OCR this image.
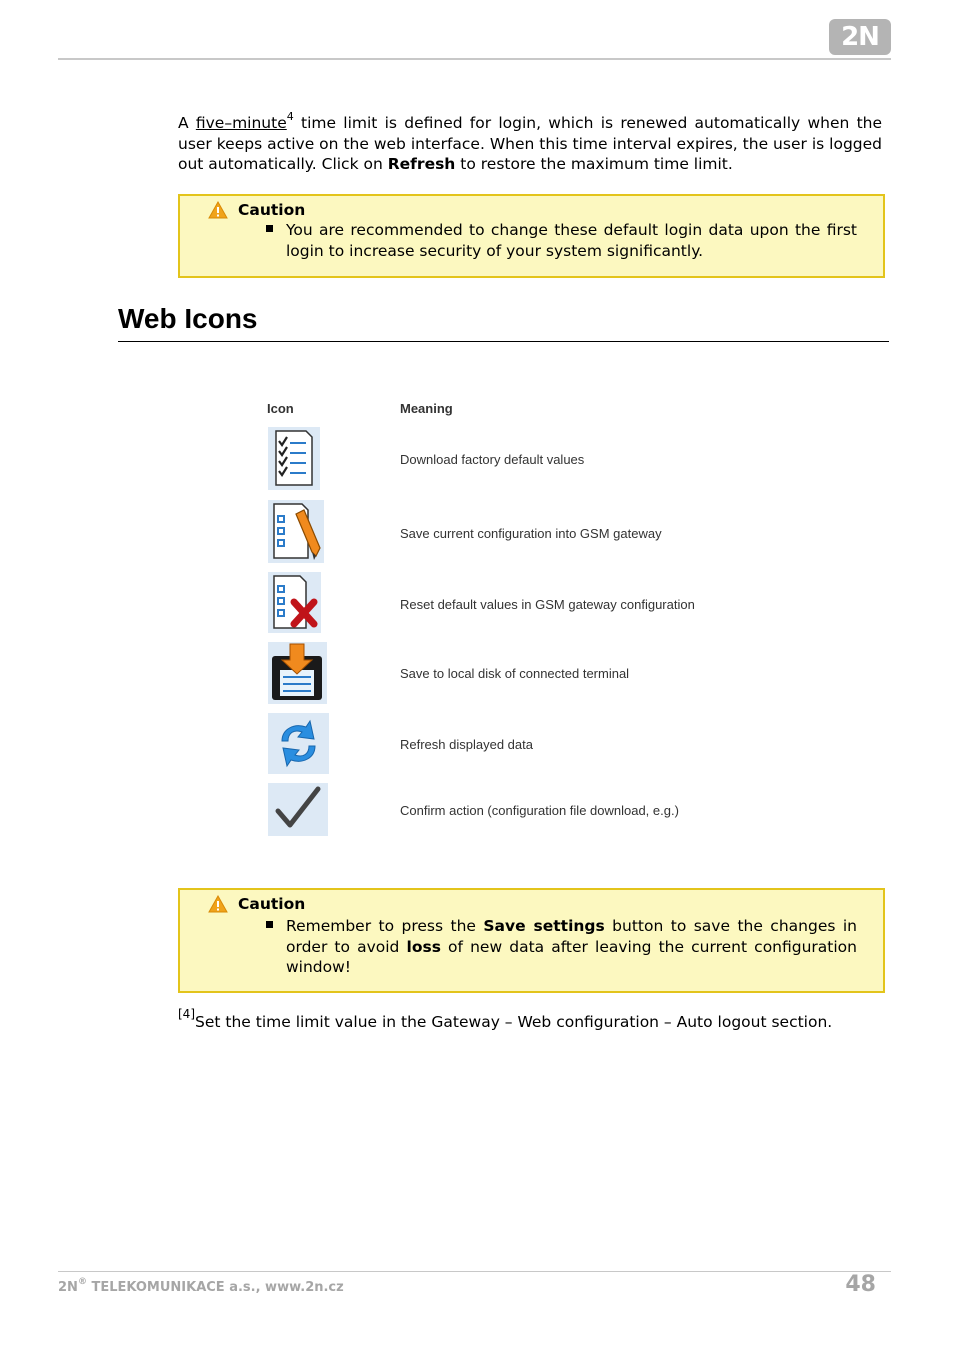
2N
A five–minute$^4$ time limit is defined for login, which is renewed automatically when the user keeps active on the web interface. When this time interval expires, the user is logged out automatically. Click on Refresh to restore the maximum time limit.
Caution
You are recommended to change these default login data upon the first login to increase security of your system significantly.
Web Icons
Icon	Meaning
Download factory default values
Save current configuration into GSM gateway
Reset default values in GSM gateway configuration
Save to local disk of connected terminal
Refresh displayed data
Confirm action (configuration file download, e.g.)
Caution
Remember to press the Save settings button to save the changes in order to avoid loss of new data after leaving the current configuration window!
[4]Set the time limit value in the Gateway – Web configuration – Auto logout section.
2N® TELEKOMUNIKACE a.s., www.2n.cz	48
